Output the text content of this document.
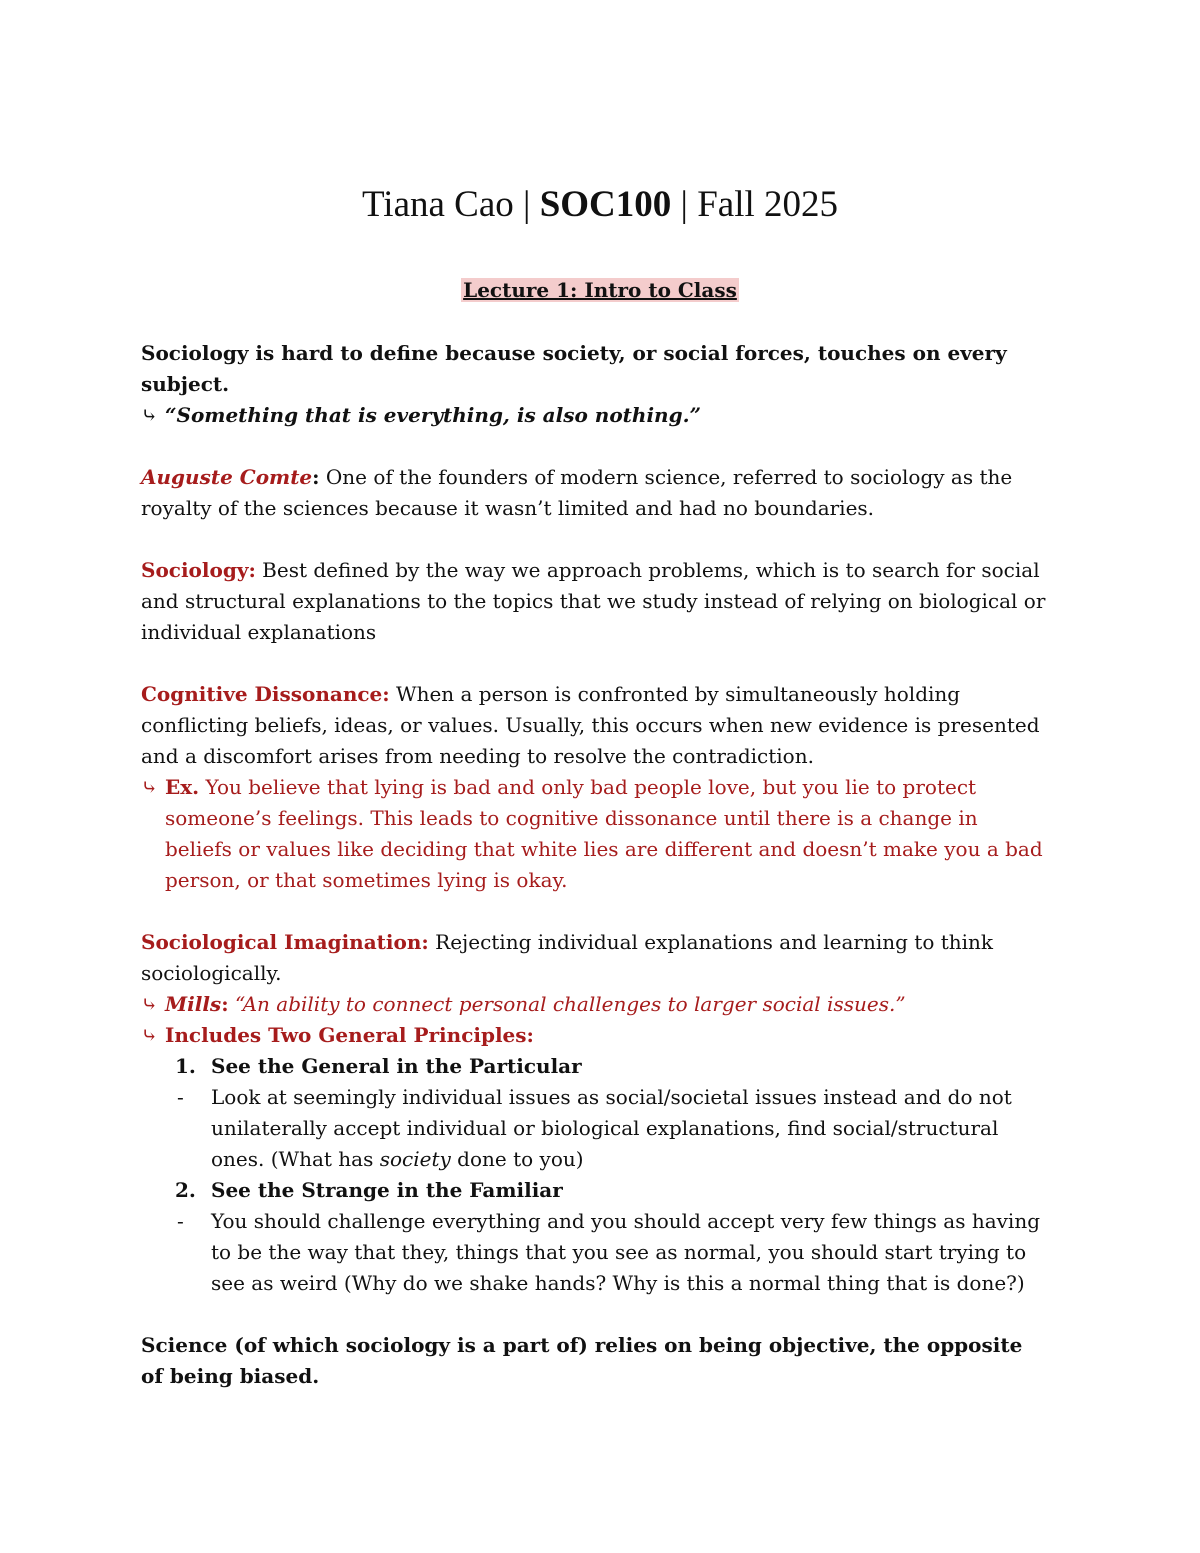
Tiana Cao | SOC100 | Fall 2025
Lecture 1: Intro to Class

Sociology is hard to define because society, or social forces, touches on every subject.

⤷ “Something that is everything, is also nothing.”

Auguste Comte: One of the founders of modern science, referred to sociology as the royalty of the sciences because it wasn’t limited and had no boundaries.

Sociology: Best defined by the way we approach problems, which is to search for social and structural explanations to the topics that we study instead of relying on biological or individual explanations

Cognitive Dissonance: When a person is confronted by simultaneously holding conflicting beliefs, ideas, or values. Usually, this occurs when new evidence is presented and a discomfort arises from needing to resolve the contradiction.

⤷ Ex. You believe that lying is bad and only bad people love, but you lie to protect someone’s feelings. This leads to cognitive dissonance until there is a change in beliefs or values like deciding that white lies are different and doesn’t make you a bad person, or that sometimes lying is okay.

Sociological Imagination: Rejecting individual explanations and learning to think sociologically.

⤷ Mills: “An ability to connect personal challenges to larger social issues.”

⤷ Includes Two General Principles:

1. See the General in the Particular

- Look at seemingly individual issues as social/societal issues instead and do not unilaterally accept individual or biological explanations, find social/structural ones. (What has society done to you)

2. See the Strange in the Familiar

- You should challenge everything and you should accept very few things as having to be the way that they, things that you see as normal, you should start trying to see as weird (Why do we shake hands? Why is this a normal thing that is done?)

Science (of which sociology is a part of) relies on being objective, the opposite of being biased.
